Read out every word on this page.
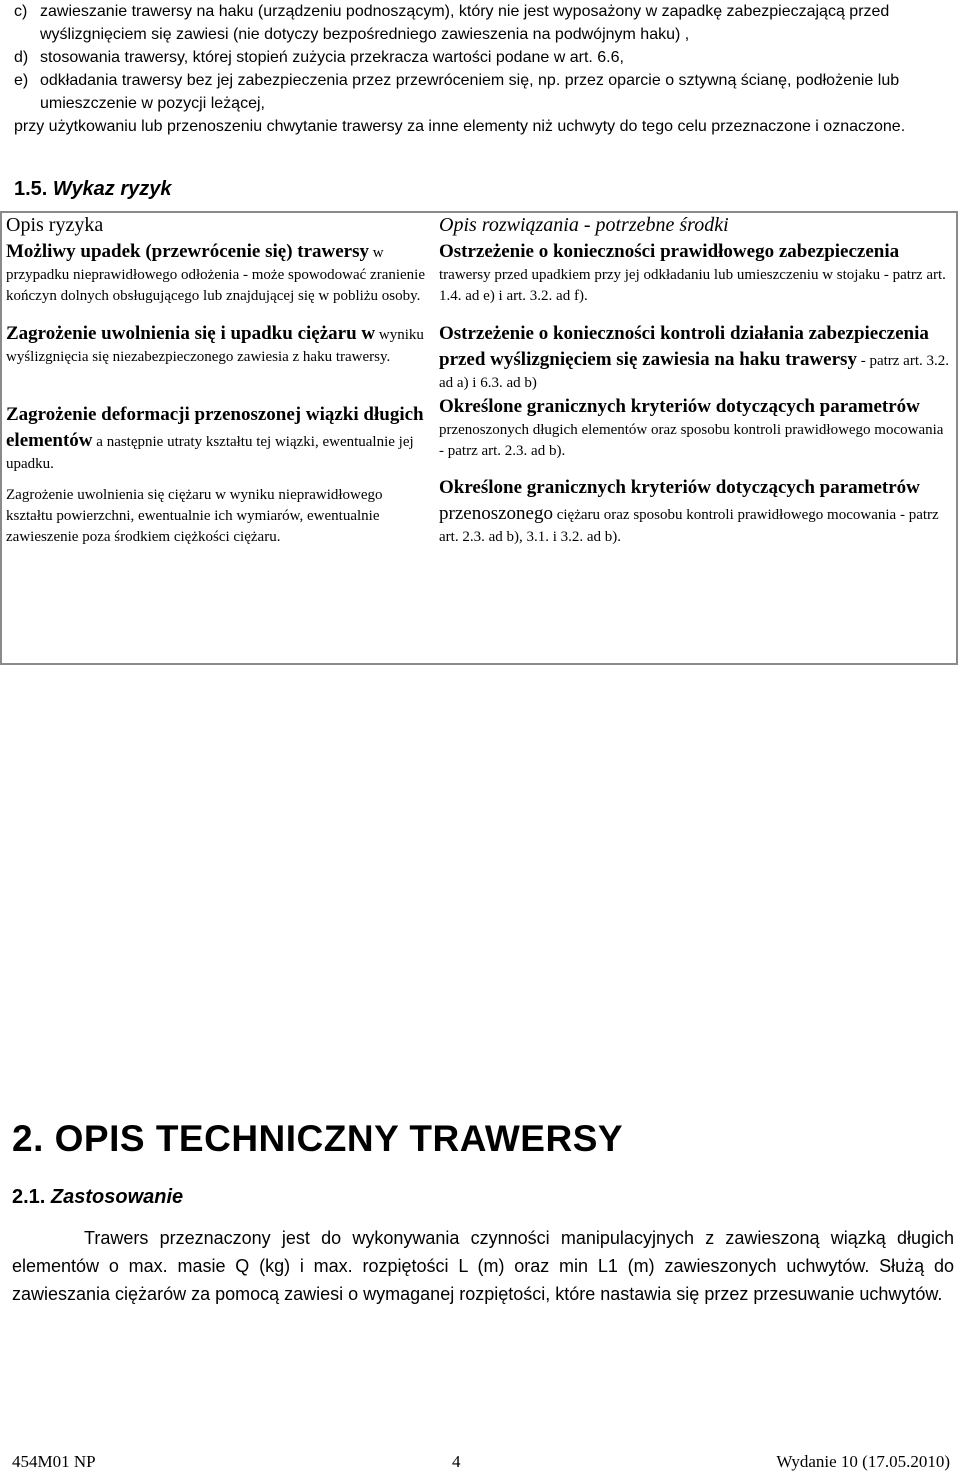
c) zawieszanie trawersy na haku (urządzeniu podnoszącym), który nie jest wyposażony w zapadkę zabezpieczającą przed wyślizgnięciem się zawiesi (nie dotyczy bezpośredniego zawieszenia na podwójnym haku) ,
d) stosowania trawersy, której stopień zużycia przekracza wartości podane w art. 6.6,
e) odkładania trawersy bez jej zabezpieczenia przez przewróceniem się, np. przez oparcie o sztywną ścianę, podłożenie lub umieszczenie w pozycji leżącej,
przy użytkowaniu lub przenoszeniu chwytanie trawersy za inne elementy niż uchwyty do tego celu przeznaczone i oznaczone.
1.5. Wykaz ryzyk
Opis ryzyka	Opis rozwiązania - potrzebne środki
Możliwy upadek (przewrócenie się) trawersy w przypadku nieprawidłowego odłożenia - może spowodować zranienie kończyn dolnych obsługującego lub znajdującej się w pobliżu osoby.	Ostrzeżenie o konieczności prawidłowego zabezpieczenia trawersy przed upadkiem przy jej odkładaniu lub umieszczeniu w stojaku - patrz art. 1.4. ad e) i art. 3.2. ad f).
Zagrożenie uwolnienia się i upadku ciężaru w wyniku wyślizgnięcia się niezabezpieczonego zawiesia z haku trawersy.	Ostrzeżenie o konieczności kontroli działania zabezpieczenia przed wyślizgnięciem się zawiesia na haku trawersy - patrz art. 3.2. ad a) i 6.3. ad b)
Zagrożenie deformacji przenoszonej wiązki długich elementów a następnie utraty kształtu tej wiązki, ewentualnie jej upadku.	Określone granicznych kryteriów dotyczących parametrów przenoszonych długich elementów oraz sposobu kontroli prawidłowego mocowania - patrz art. 2.3. ad b).
Zagrożenie uwolnienia się ciężaru w wyniku nieprawidłowego kształtu powierzchni, ewentualnie ich wymiarów, ewentualnie zawieszenie poza środkiem ciężkości ciężaru.	Określone granicznych kryteriów dotyczących parametrów przenoszonego ciężaru oraz sposobu kontroli prawidłowego mocowania - patrz art. 2.3. ad b), 3.1. i 3.2. ad b).
2. OPIS TECHNICZNY TRAWERSY
2.1. Zastosowanie
Trawers przeznaczony jest do wykonywania czynności manipulacyjnych z zawieszoną wiązką długich elementów o max. masie Q (kg) i max. rozpiętości L (m) oraz min L1 (m) zawieszonych uchwytów. Służą do zawieszania ciężarów za pomocą zawiesi o wymaganej rozpiętości, które nastawia się przez przesuwanie uchwytów.
454M01 NP	4	Wydanie 10 (17.05.2010)
